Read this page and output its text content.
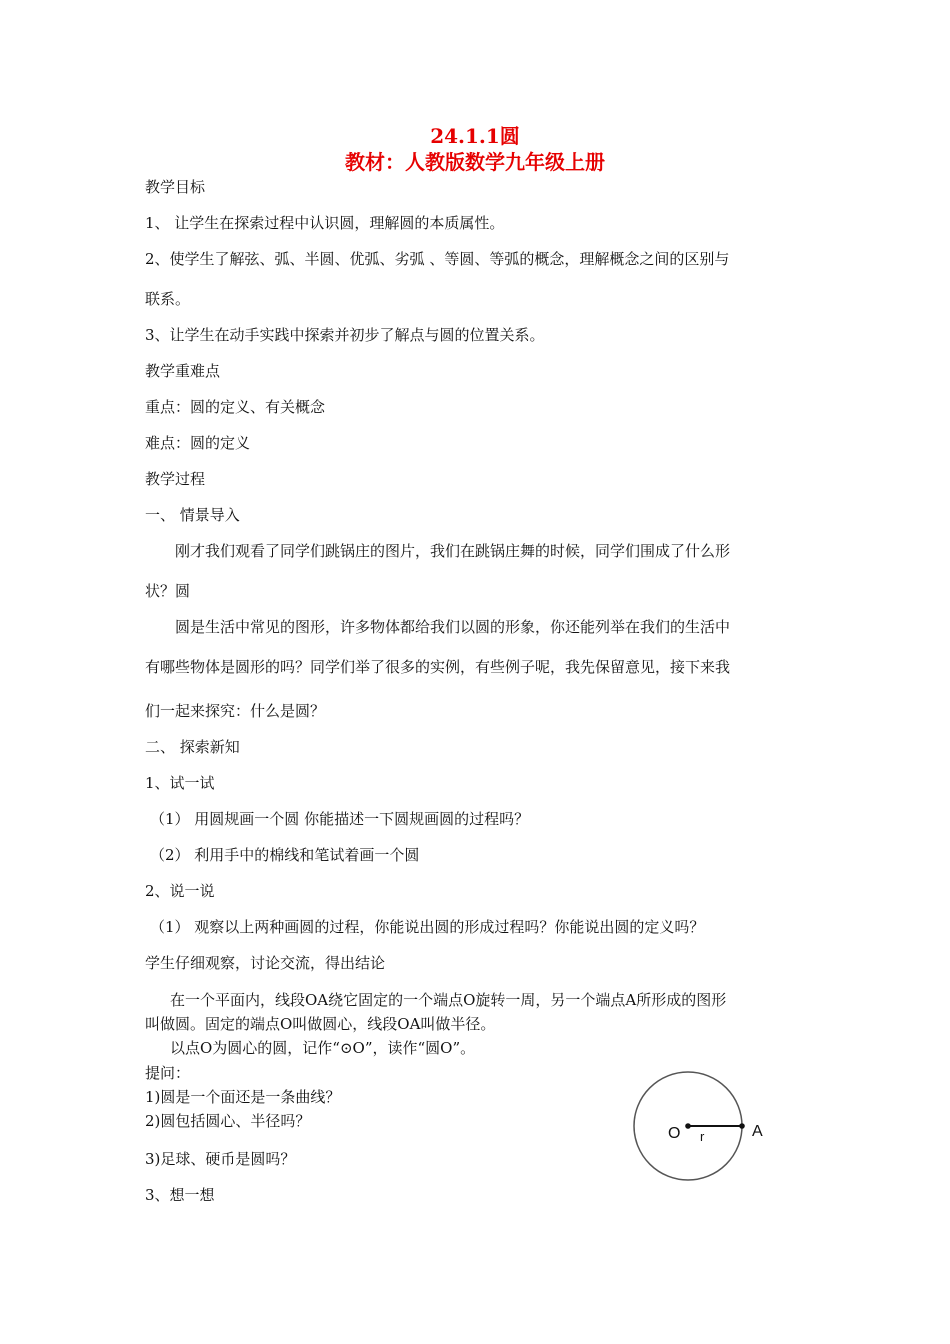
24.1.1圆
教材：人教版数学九年级上册
教学目标
1、 让学生在探索过程中认识圆，理解圆的本质属性。
2、使学生了解弦、弧、半圆、优弧、劣弧 、等圆、等弧的概念，理解概念之间的区别与
联系。
3、让学生在动手实践中探索并初步了解点与圆的位置关系。
教学重难点
重点：圆的定义、有关概念
难点：圆的定义
教学过程
一、 情景导入
刚才我们观看了同学们跳锅庄的图片，我们在跳锅庄舞的时候，同学们围成了什么形
状？圆
圆是生活中常见的图形，许多物体都给我们以圆的形象，你还能列举在我们的生活中
有哪些物体是圆形的吗？同学们举了很多的实例，有些例子呢，我先保留意见，接下来我
们一起来探究：什么是圆？
二、 探索新知
1、试一试
（1） 用圆规画一个圆 你能描述一下圆规画圆的过程吗？
（2） 利用手中的棉线和笔试着画一个圆
2、说一说
（1） 观察以上两种画圆的过程，你能说出圆的形成过程吗？你能说出圆的定义吗？
学生仔细观察，讨论交流，得出结论
在一个平面内，线段OA绕它固定的一个端点O旋转一周，另一个端点A所形成的图形
叫做圆。固定的端点O叫做圆心，线段OA叫做半径。
以点O为圆心的圆，记作“⊙O”，读作“圆O”。
提问：
1)圆是一个面还是一条曲线？
2)圆包括圆心、半径吗？
3)足球、硬币是圆吗？
3、想一想
O r	A
